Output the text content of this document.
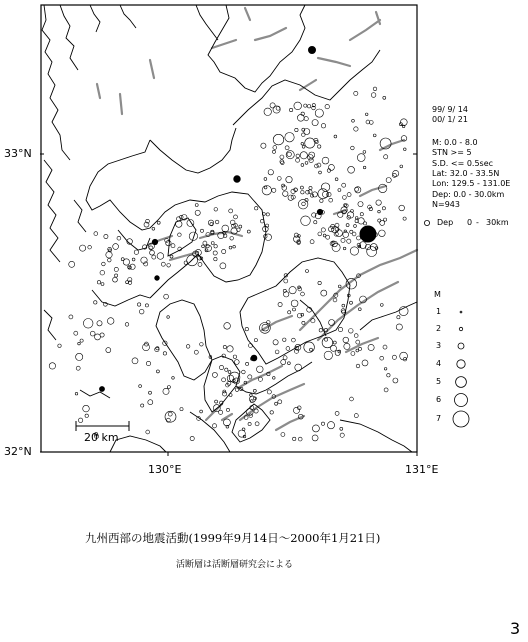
33°N
32°N
130°E	131°E
20 km
99/ 9/ 14
00/ 1/ 21
M: 0.0 - 8.0
STN >= 5
S.D. <= 0.5sec
Lat: 32.0 - 33.5N
Lon: 129.5 - 131.0E
Dep: 0.0 - 30.0km
N=943
Dep 0 - 30km
M
1
2
3
4
5
6
7
九州西部の地震活動(1999年9月14日～2000年1月21日)
活断層は活断層研究会による
3
